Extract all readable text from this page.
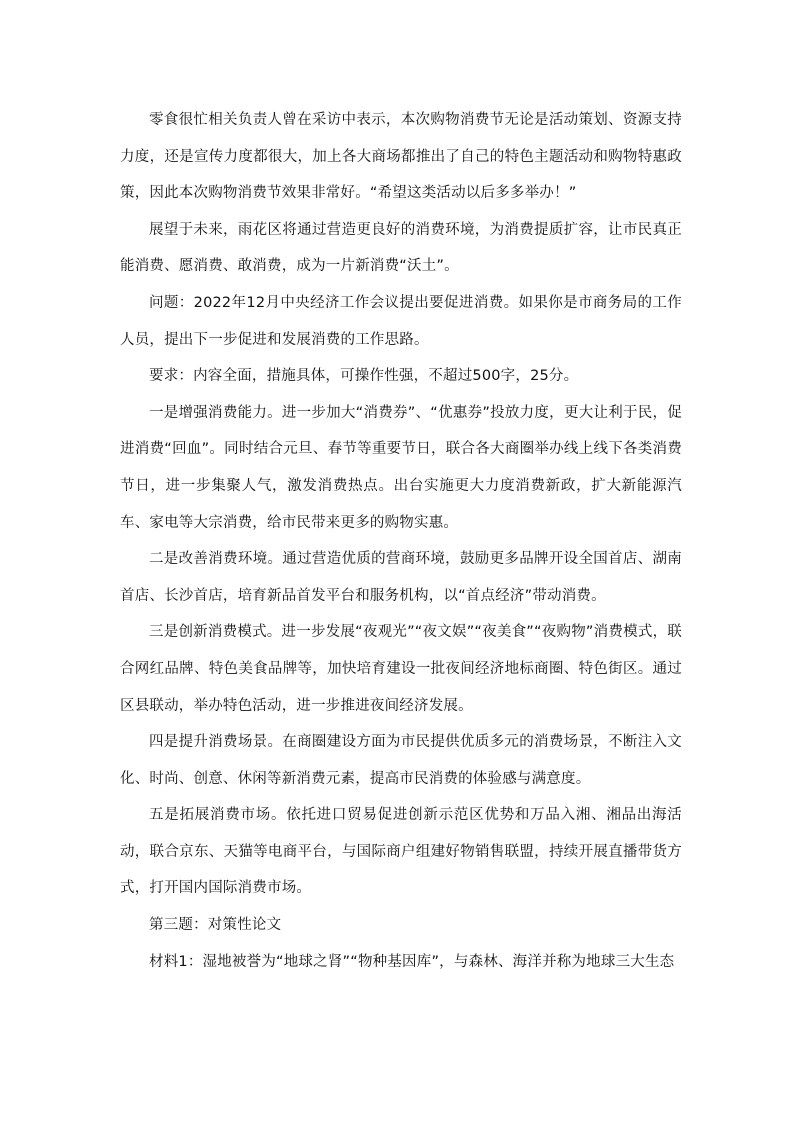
零食很忙相关负责人曾在采访中表示，本次购物消费节无论是活动策划、资源支持力度，还是宣传力度都很大，加上各大商场都推出了自己的特色主题活动和购物特惠政策，因此本次购物消费节效果非常好。“希望这类活动以后多多举办！”

展望于未来，雨花区将通过营造更良好的消费环境，为消费提质扩容，让市民真正能消费、愿消费、敢消费，成为一片新消费“沃土”。

问题：2022年12月中央经济工作会议提出要促进消费。如果你是市商务局的工作人员，提出下一步促进和发展消费的工作思路。

要求：内容全面，措施具体，可操作性强，不超过500字，25分。

一是增强消费能力。进一步加大“消费券”、“优惠券”投放力度，更大让利于民，促进消费“回血”。同时结合元旦、春节等重要节日，联合各大商圈举办线上线下各类消费节日，进一步集聚人气，激发消费热点。出台实施更大力度消费新政，扩大新能源汽车、家电等大宗消费，给市民带来更多的购物实惠。

二是改善消费环境。通过营造优质的营商环境，鼓励更多品牌开设全国首店、湖南首店、长沙首店，培育新品首发平台和服务机构，以“首点经济”带动消费。

三是创新消费模式。进一步发展“夜观光”“夜文娱”“夜美食”“夜购物”消费模式，联合网红品牌、特色美食品牌等，加快培育建设一批夜间经济地标商圈、特色街区。通过区县联动，举办特色活动，进一步推进夜间经济发展。

四是提升消费场景。在商圈建设方面为市民提供优质多元的消费场景，不断注入文化、时尚、创意、休闲等新消费元素，提高市民消费的体验感与满意度。

五是拓展消费市场。依托进口贸易促进创新示范区优势和万品入湘、湘品出海活动，联合京东、天猫等电商平台，与国际商户组建好物销售联盟，持续开展直播带货方式，打开国内国际消费市场。

第三题：对策性论文

材料1：湿地被誉为“地球之肾”“物种基因库”，与森林、海洋并称为地球三大生态
